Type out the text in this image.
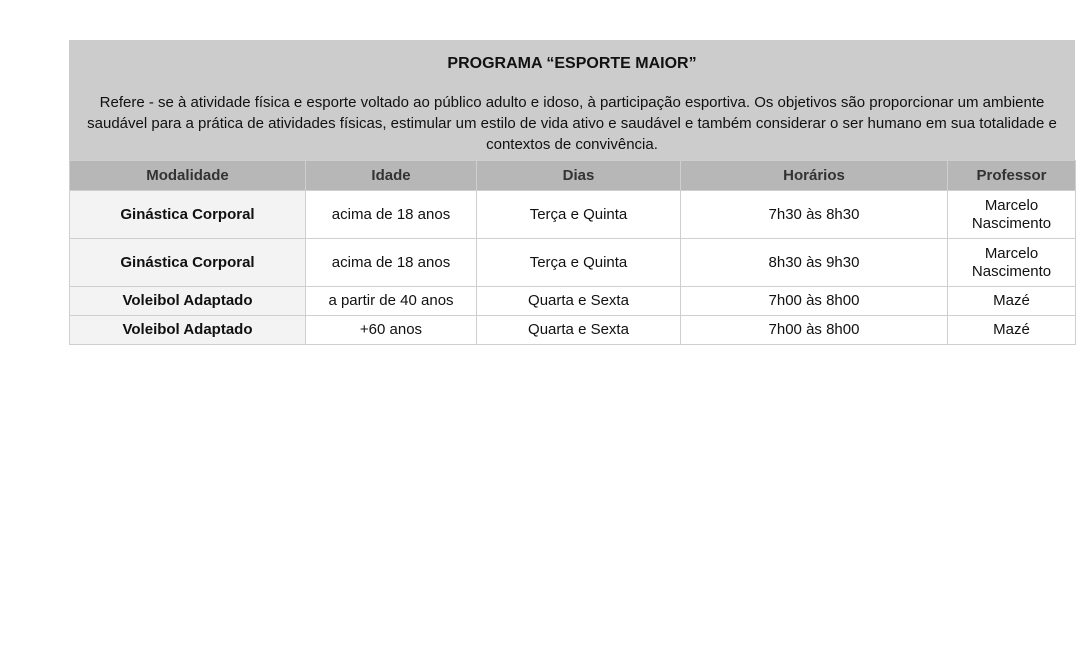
PROGRAMA “ESPORTE MAIOR”
Refere - se à atividade física e esporte voltado ao público adulto e idoso, à participação esportiva. Os objetivos são proporcionar um ambiente saudável para a prática de atividades físicas, estimular um estilo de vida ativo e saudável e também considerar o ser humano em sua totalidade e contextos de convivência.
Modalidade	Idade	Dias	Horários	Professor
Ginástica Corporal	acima de 18 anos	Terça e Quinta	7h30 às 8h30	Marcelo Nascimento
Ginástica Corporal	acima de 18 anos	Terça e Quinta	8h30 às 9h30	Marcelo Nascimento
Voleibol Adaptado	a partir de 40 anos	Quarta e Sexta	7h00 às 8h00	Mazé
Voleibol Adaptado	+60 anos	Quarta e Sexta	7h00 às 8h00	Mazé
